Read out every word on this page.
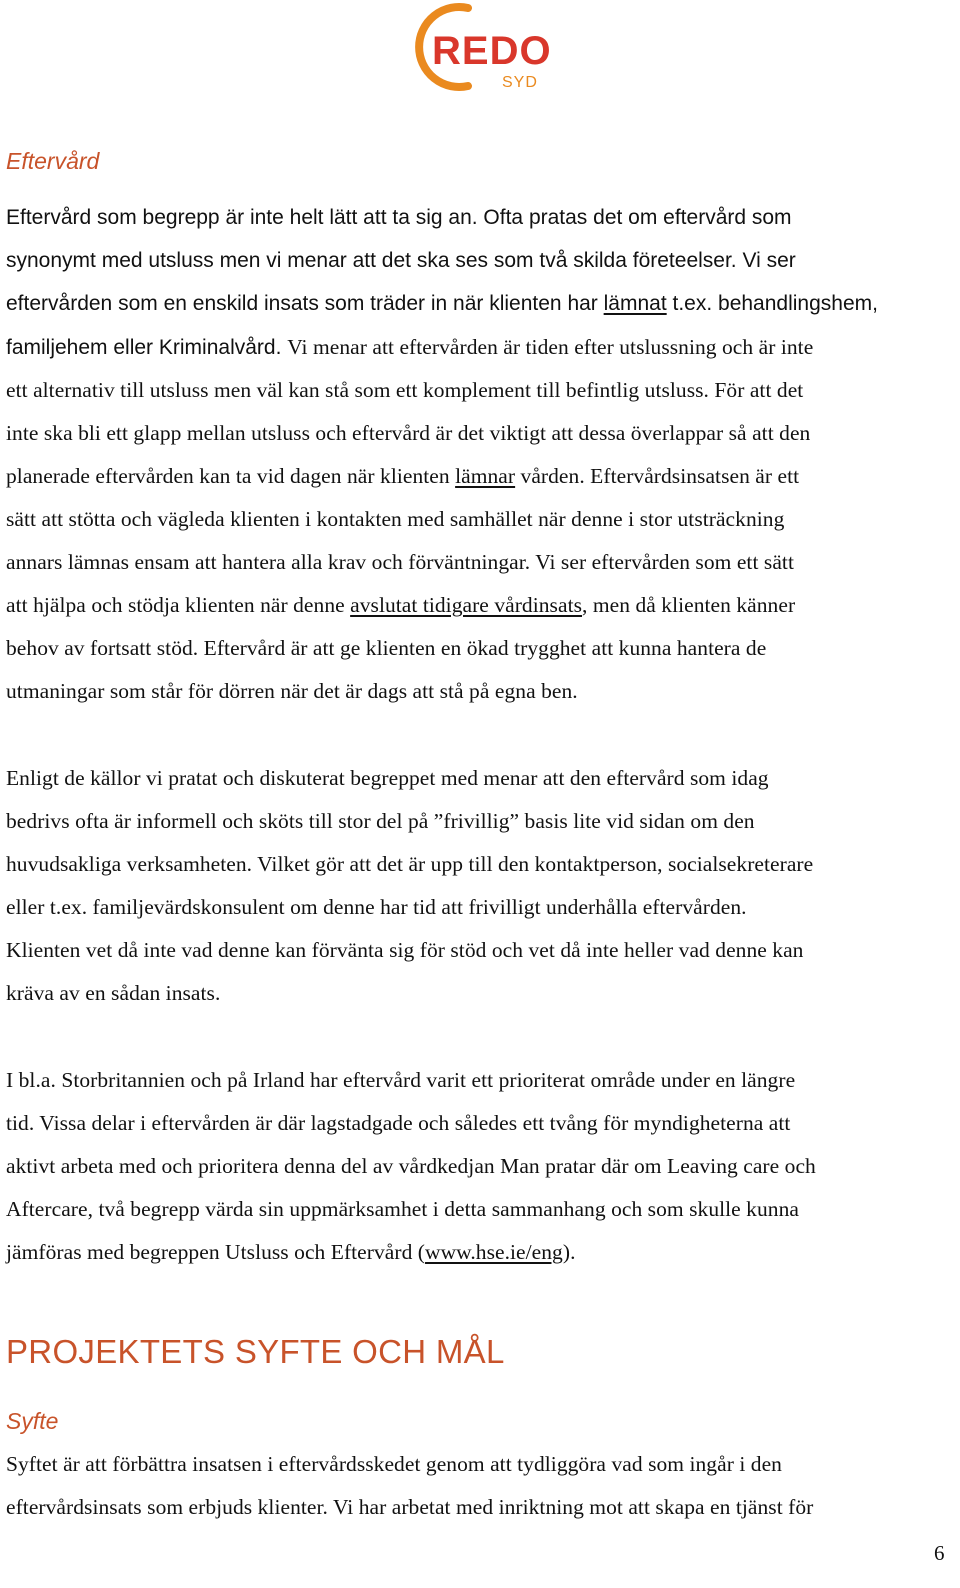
REDO
SYD
Eftervård
Eftervård som begrepp är inte helt lätt att ta sig an. Ofta pratas det om eftervård som
synonymt med utsluss men vi menar att det ska ses som två skilda företeelser. Vi ser
eftervården som en enskild insats som träder in när klienten har lämnat t.ex. behandlingshem,
familjehem eller Kriminalvård. Vi menar att eftervården är tiden efter utslussning och är inte
ett alternativ till utsluss men väl kan stå som ett komplement till befintlig utsluss. För att det
inte ska bli ett glapp mellan utsluss och eftervård är det viktigt att dessa överlappar så att den
planerade eftervården kan ta vid dagen när klienten lämnar vården. Eftervårdsinsatsen är ett
sätt att stötta och vägleda klienten i kontakten med samhället när denne i stor utsträckning
annars lämnas ensam att hantera alla krav och förväntningar. Vi ser eftervården som ett sätt
att hjälpa och stödja klienten när denne avslutat tidigare vårdinsats, men då klienten känner
behov av fortsatt stöd. Eftervård är att ge klienten en ökad trygghet att kunna hantera de
utmaningar som står för dörren när det är dags att stå på egna ben.
Enligt de källor vi pratat och diskuterat begreppet med menar att den eftervård som idag
bedrivs ofta är informell och sköts till stor del på ”frivillig” basis lite vid sidan om den
huvudsakliga verksamheten. Vilket gör att det är upp till den kontaktperson, socialsekreterare
eller t.ex. familjevärdskonsulent om denne har tid att frivilligt underhålla eftervården.
Klienten vet då inte vad denne kan förvänta sig för stöd och vet då inte heller vad denne kan
kräva av en sådan insats.
I bl.a. Storbritannien och på Irland har eftervård varit ett prioriterat område under en längre
tid. Vissa delar i eftervården är där lagstadgade och således ett tvång för myndigheterna att
aktivt arbeta med och prioritera denna del av vårdkedjan Man pratar där om Leaving care och
Aftercare, två begrepp värda sin uppmärksamhet i detta sammanhang och som skulle kunna
jämföras med begreppen Utsluss och Eftervård (www.hse.ie/eng).
PROJEKTETS SYFTE OCH MÅL
Syfte
Syftet är att förbättra insatsen i eftervårdsskedet genom att tydliggöra vad som ingår i den
eftervårdsinsats som erbjuds klienter. Vi har arbetat med inriktning mot att skapa en tjänst för
6
